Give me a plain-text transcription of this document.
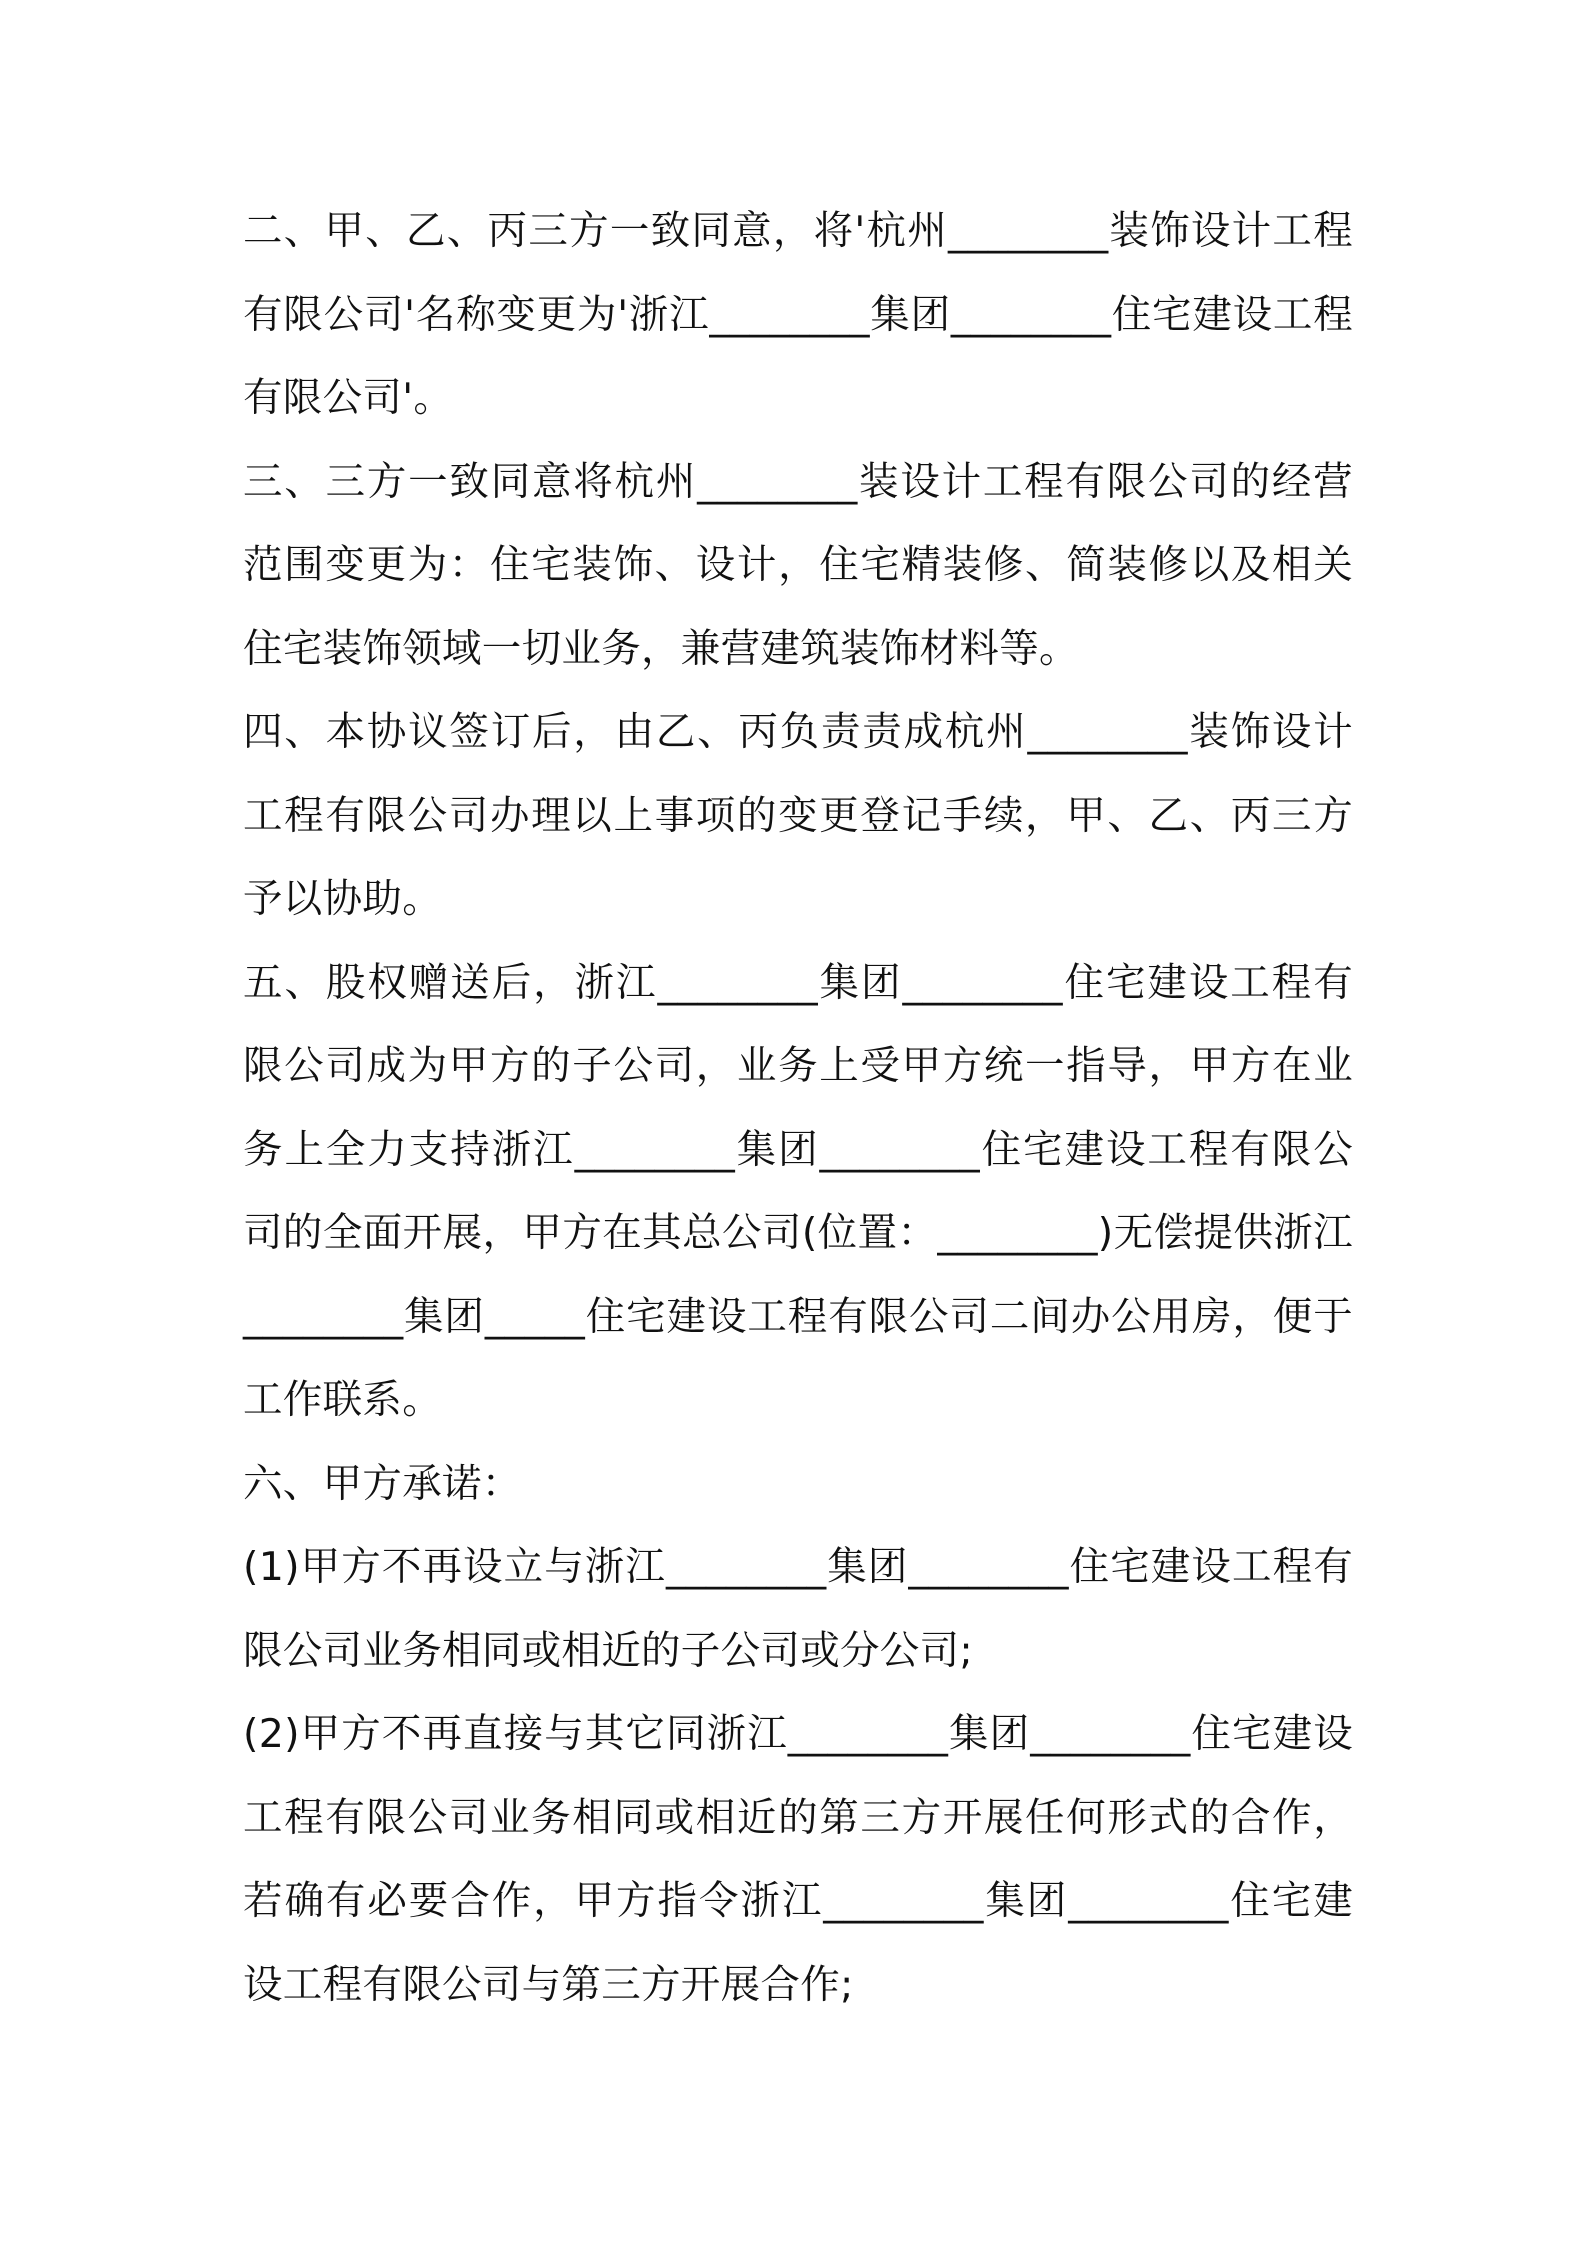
二、甲、乙、丙三方一致同意，将'杭州________装饰设计工程有限公司'名称变更为'浙江________集团________住宅建设工程有限公司'。

三、三方一致同意将杭州________装设计工程有限公司的经营范围变更为：住宅装饰、设计，住宅精装修、简装修以及相关住宅装饰领域一切业务，兼营建筑装饰材料等。

四、本协议签订后，由乙、丙负责责成杭州________装饰设计工程有限公司办理以上事项的变更登记手续，甲、乙、丙三方予以协助。

五、股权赠送后，浙江________集团________住宅建设工程有限公司成为甲方的子公司，业务上受甲方统一指导，甲方在业务上全力支持浙江________集团________住宅建设工程有限公司的全面开展，甲方在其总公司(位置：________)无偿提供浙江________集团_____住宅建设工程有限公司二间办公用房，便于工作联系。

六、甲方承诺：

(1)甲方不再设立与浙江________集团________住宅建设工程有限公司业务相同或相近的子公司或分公司;

(2)甲方不再直接与其它同浙江________集团________住宅建设工程有限公司业务相同或相近的第三方开展任何形式的合作，若确有必要合作，甲方指令浙江________集团________住宅建设工程有限公司与第三方开展合作;
